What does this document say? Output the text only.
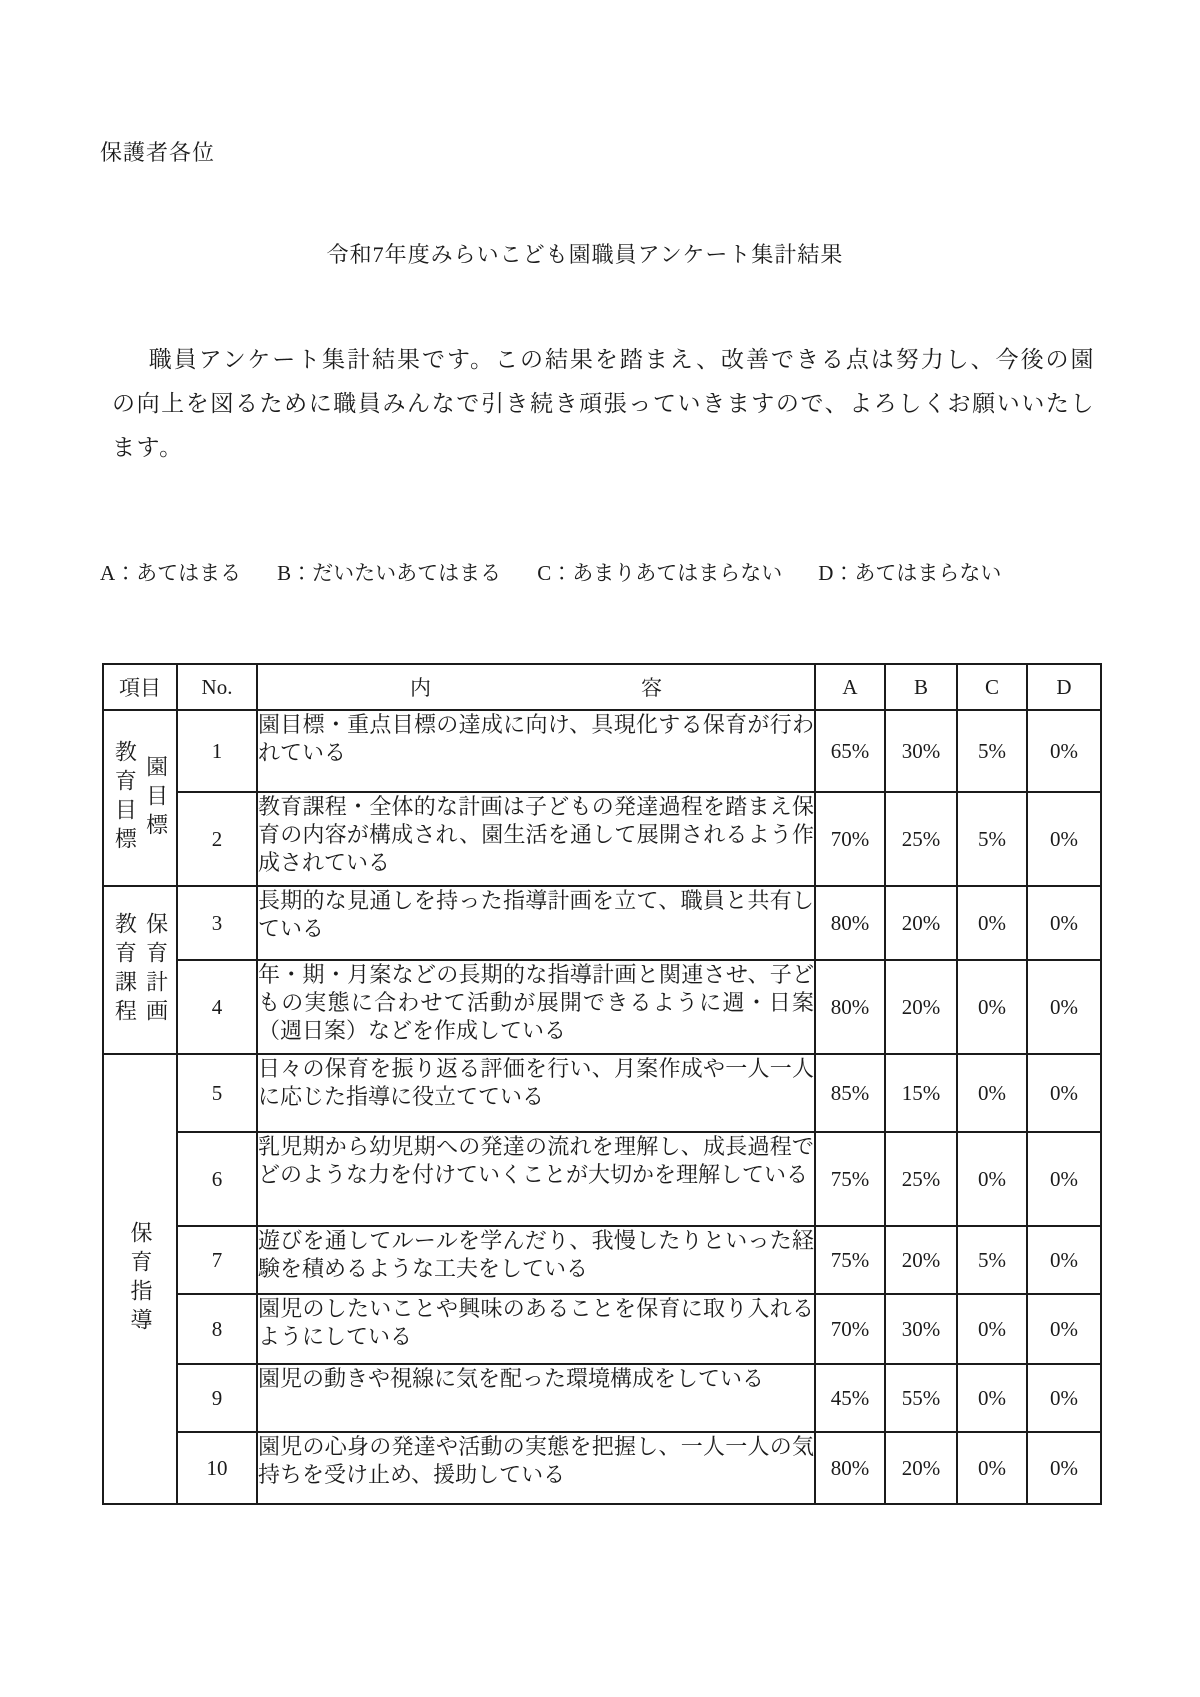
保護者各位
令和7年度みらいこども園職員アンケート集計結果
職員アンケート集計結果です。この結果を踏まえ、改善できる点は努力し、今後の園の向上を図るために職員みんなで引き続き頑張っていきますので、よろしくお願いいたします。
A：あてはまる B：だいたいあてはまる C：あまりあてはまらない D：あてはまらない
項目	No.	内　　　　　　　　　　容	A	B	C	D

教育目標 園目標	1	園目標・重点目標の達成に向け、具現化する保育が行われている	65%	30%	5%	0%
	2	教育課程・全体的な計画は子どもの発達過程を踏まえ保育の内容が構成され、園生活を通して展開されるよう作成されている	70%	25%	5%	0%

教育課程 保育計画	3	長期的な見通しを持った指導計画を立て、職員と共有している	80%	20%	0%	0%
	4	年・期・月案などの長期的な指導計画と関連させ、子どもの実態に合わせて活動が展開できるように週・日案（週日案）などを作成している	80%	20%	0%	0%

保育指導	5	日々の保育を振り返る評価を行い、月案作成や一人一人に応じた指導に役立てている	85%	15%	0%	0%
	6	乳児期から幼児期への発達の流れを理解し、成長過程でどのような力を付けていくことが大切かを理解している	75%	25%	0%	0%
	7	遊びを通してルールを学んだり、我慢したりといった経験を積めるような工夫をしている	75%	20%	5%	0%
	8	園児のしたいことや興味のあることを保育に取り入れるようにしている	70%	30%	0%	0%
	9	園児の動きや視線に気を配った環境構成をしている	45%	55%	0%	0%
	10	園児の心身の発達や活動の実態を把握し、一人一人の気持ちを受け止め、援助している	80%	20%	0%	0%
